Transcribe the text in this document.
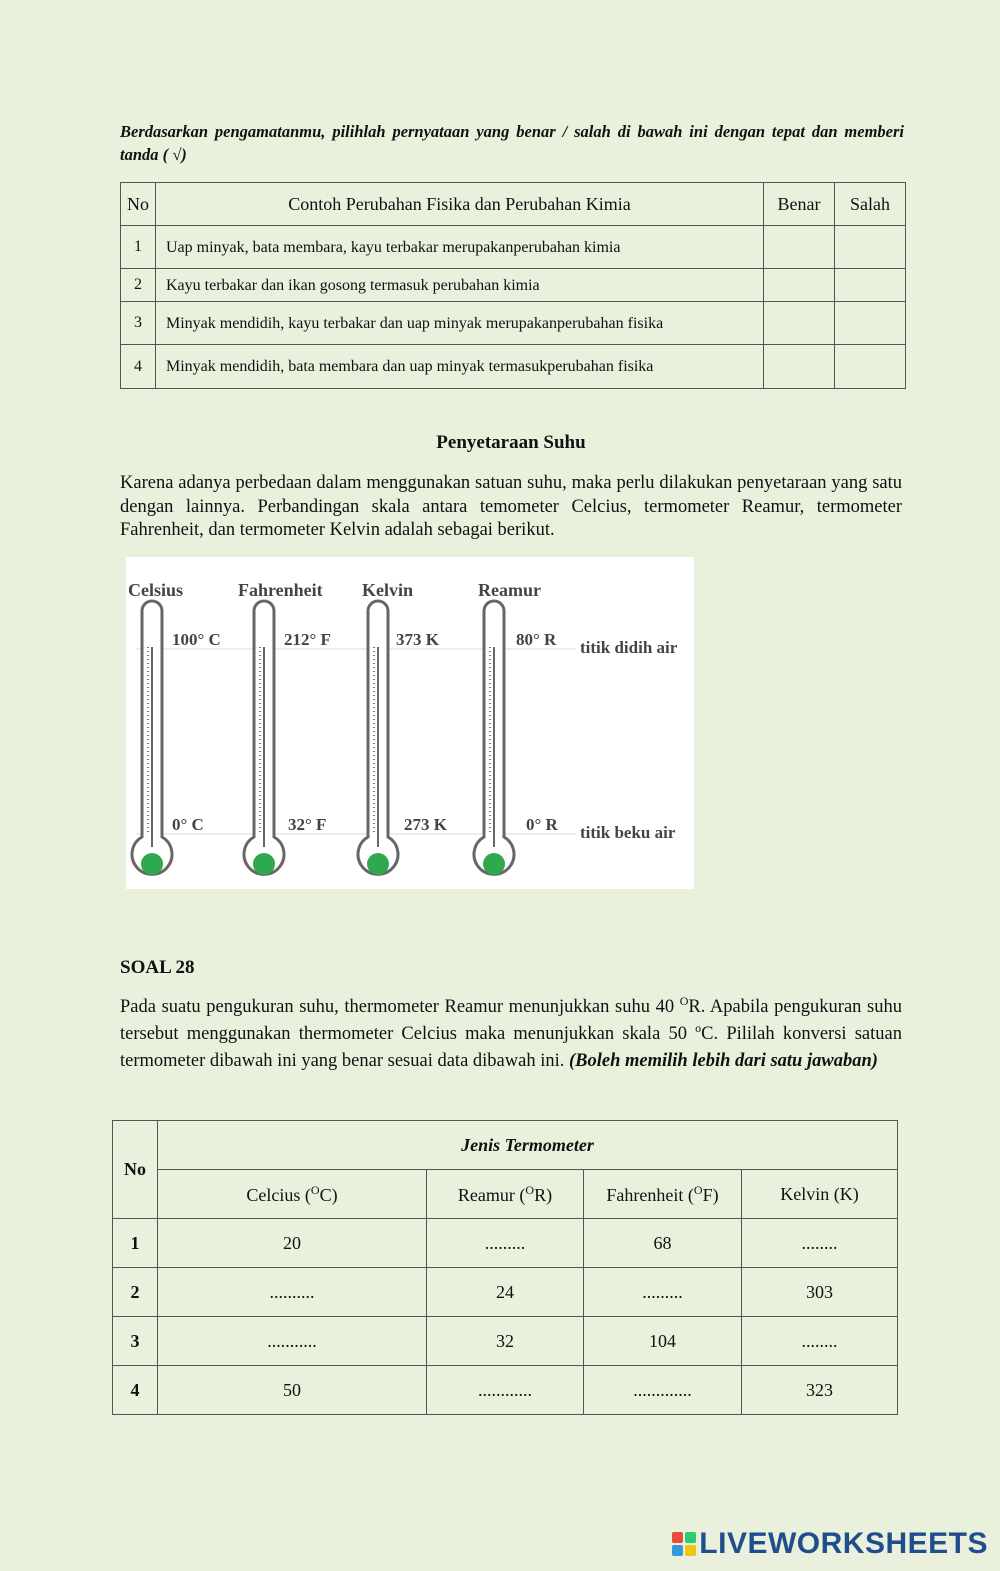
Berdasarkan pengamatanmu, pilihlah pernyataan yang benar / salah di bawah ini dengan tepat dan memberi tanda ( √)
No	Contoh Perubahan Fisika dan Perubahan Kimia	Benar	Salah
1	Uap minyak, bata membara, kayu terbakar merupakanperubahan kimia		
2	Kayu terbakar dan ikan gosong termasuk perubahan kimia		
3	Minyak mendidih, kayu terbakar dan uap minyak merupakanperubahan fisika		
4	Minyak mendidih, bata membara dan uap minyak termasukperubahan fisika		
Penyetaraan Suhu
Karena adanya perbedaan dalam menggunakan satuan suhu, maka perlu dilakukan penyetaraan yang satu dengan lainnya. Perbandingan skala antara temometer Celcius, termometer Reamur, termometer Fahrenheit, dan termometer Kelvin adalah sebagai berikut.
Celsius
100° C
0° C
Fahrenheit
212° F
32° F
Kelvin
373 K
273 K
Reamur
80° R
0° R
titik didih air
titik beku air
SOAL 28
Pada suatu pengukuran suhu, thermometer Reamur menunjukkan suhu 40 $^O$R. Apabila pengukuran suhu tersebut menggunakan thermometer Celcius maka menunjukkan skala 50 $^o$C. Pililah konversi satuan termometer dibawah ini yang benar sesuai data dibawah ini. (Boleh memilih lebih dari satu jawaban)
No	Jenis Termometer			
	Celcius ($^O$C)	Reamur ($^O$R)	Fahrenheit ($^O$F)	Kelvin (K)
1	20	.........	68	........
2	..........	24	.........	303
3	...........	32	104	........
4	50	............	.............	323
LIVEWORKSHEETS
